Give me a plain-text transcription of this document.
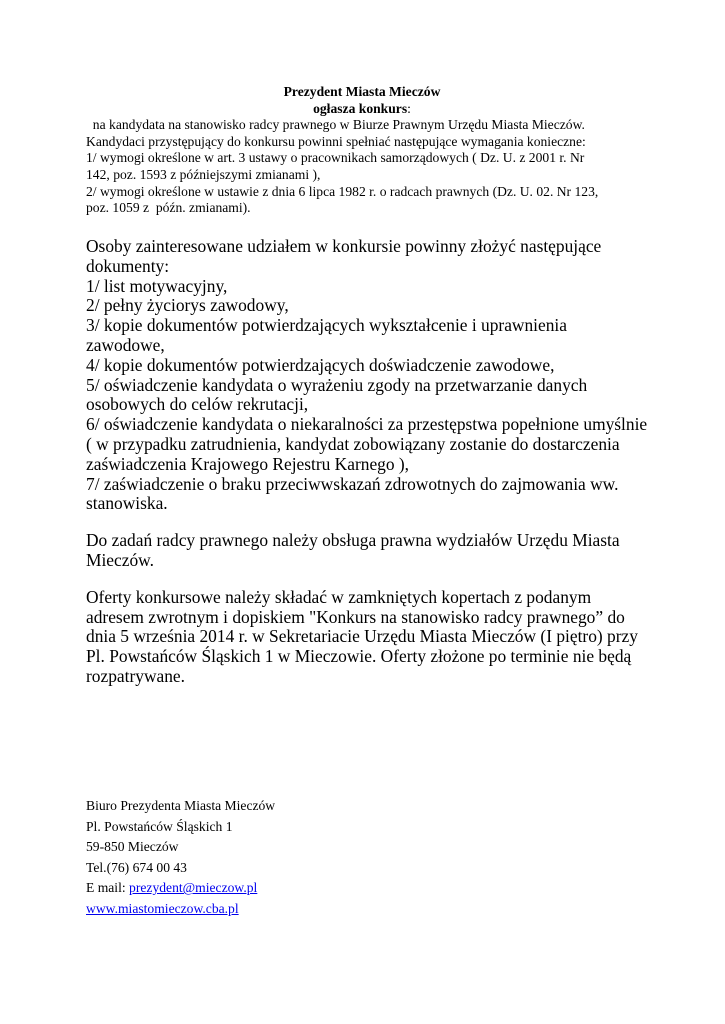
Prezydent Miasta Mieczów
ogłasza konkurs:
na kandydata na stanowisko radcy prawnego w Biurze Prawnym Urzędu Miasta Mieczów.
Kandydaci przystępujący do konkursu powinni spełniać następujące wymagania konieczne:
1/ wymogi określone w art. 3 ustawy o pracownikach samorządowych ( Dz. U. z 2001 r. Nr
142, poz. 1593 z późniejszymi zmianami ),
2/ wymogi określone w ustawie z dnia 6 lipca 1982 r. o radcach prawnych (Dz. U. 02. Nr 123,
poz. 1059 z  późn. zmianami).
Osoby zainteresowane udziałem w konkursie powinny złożyć następujące
dokumenty:
1/ list motywacyjny,
2/ pełny życiorys zawodowy,
3/ kopie dokumentów potwierdzających wykształcenie i uprawnienia
zawodowe,
4/ kopie dokumentów potwierdzających doświadczenie zawodowe,
5/ oświadczenie kandydata o wyrażeniu zgody na przetwarzanie danych
osobowych do celów rekrutacji,
6/ oświadczenie kandydata o niekaralności za przestępstwa popełnione umyślnie
( w przypadku zatrudnienia, kandydat zobowiązany zostanie do dostarczenia
zaświadczenia Krajowego Rejestru Karnego ),
7/ zaświadczenie o braku przeciwwskazań zdrowotnych do zajmowania ww.
stanowiska.
Do zadań radcy prawnego należy obsługa prawna wydziałów Urzędu Miasta
Mieczów.
Oferty konkursowe należy składać w zamkniętych kopertach z podanym
adresem zwrotnym i dopiskiem "Konkurs na stanowisko radcy prawnego” do
dnia 5 września 2014 r. w Sekretariacie Urzędu Miasta Mieczów (I piętro) przy
Pl. Powstańców Śląskich 1 w Mieczowie. Oferty złożone po terminie nie będą
rozpatrywane.
Biuro Prezydenta Miasta Mieczów
Pl. Powstańców Śląskich 1
59-850 Mieczów
Tel.(76) 674 00 43
E mail: prezydent@mieczow.pl
www.miastomieczow.cba.pl
